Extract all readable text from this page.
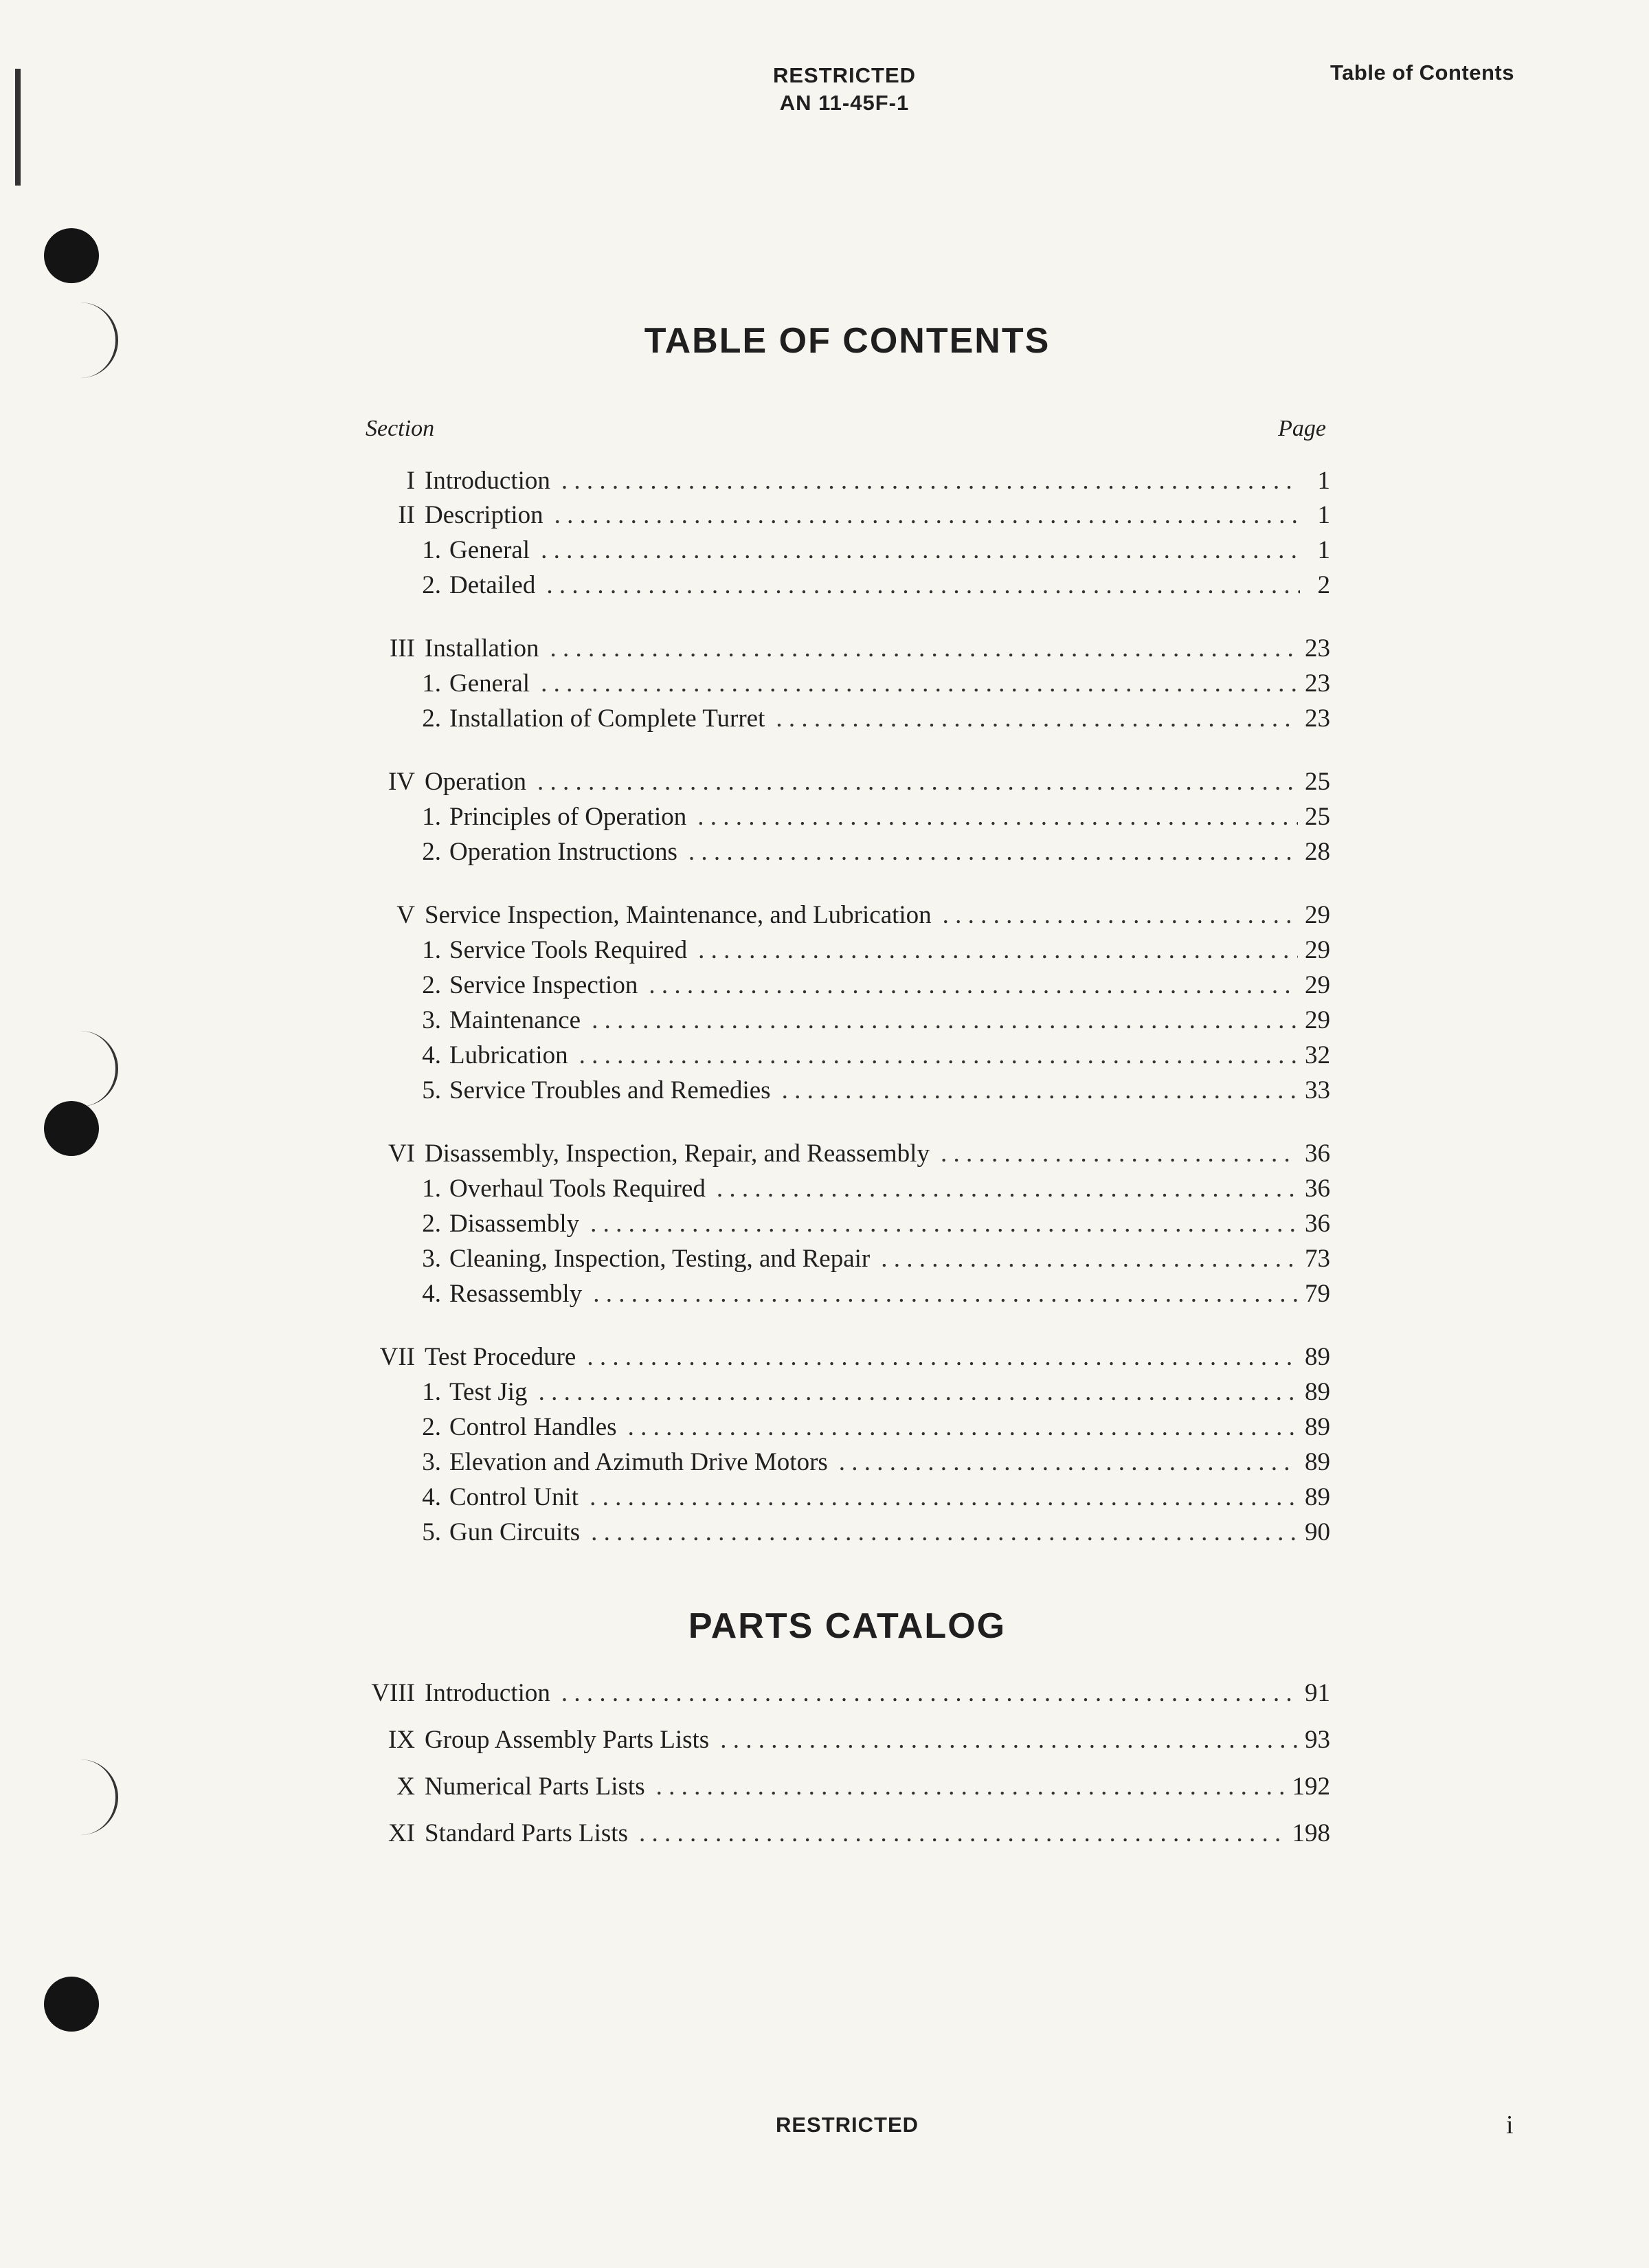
RESTRICTED
AN 11-45F-1
Table of Contents
TABLE OF CONTENTS
Section	Page
I Introduction . . .	1
II Description . . .	1
1. General . . .	1
2. Detailed . . .	2
III Installation . . .	23
1. General . . .	23
2. Installation of Complete Turret . . .	23
IV Operation . . .	25
1. Principles of Operation . . .	25
2. Operation Instructions . . .	28
V Service Inspection, Maintenance, and Lubrication . . .	29
1. Service Tools Required . . .	29
2. Service Inspection . . .	29
3. Maintenance . . .	29
4. Lubrication . . .	32
5. Service Troubles and Remedies . . .	33
VI Disassembly, Inspection, Repair, and Reassembly . . .	36
1. Overhaul Tools Required . . .	36
2. Disassembly . . .	36
3. Cleaning, Inspection, Testing, and Repair . . .	73
4. Resassembly . . .	79
VII Test Procedure . . .	89
1. Test Jig . . .	89
2. Control Handles . . .	89
3. Elevation and Azimuth Drive Motors . . .	89
4. Control Unit . . .	89
5. Gun Circuits . . .	90
PARTS CATALOG
VIII Introduction . . .	91
IX Group Assembly Parts Lists . . .	93
X Numerical Parts Lists . . .	192
XI Standard Parts Lists . . .	198
RESTRICTED	i
